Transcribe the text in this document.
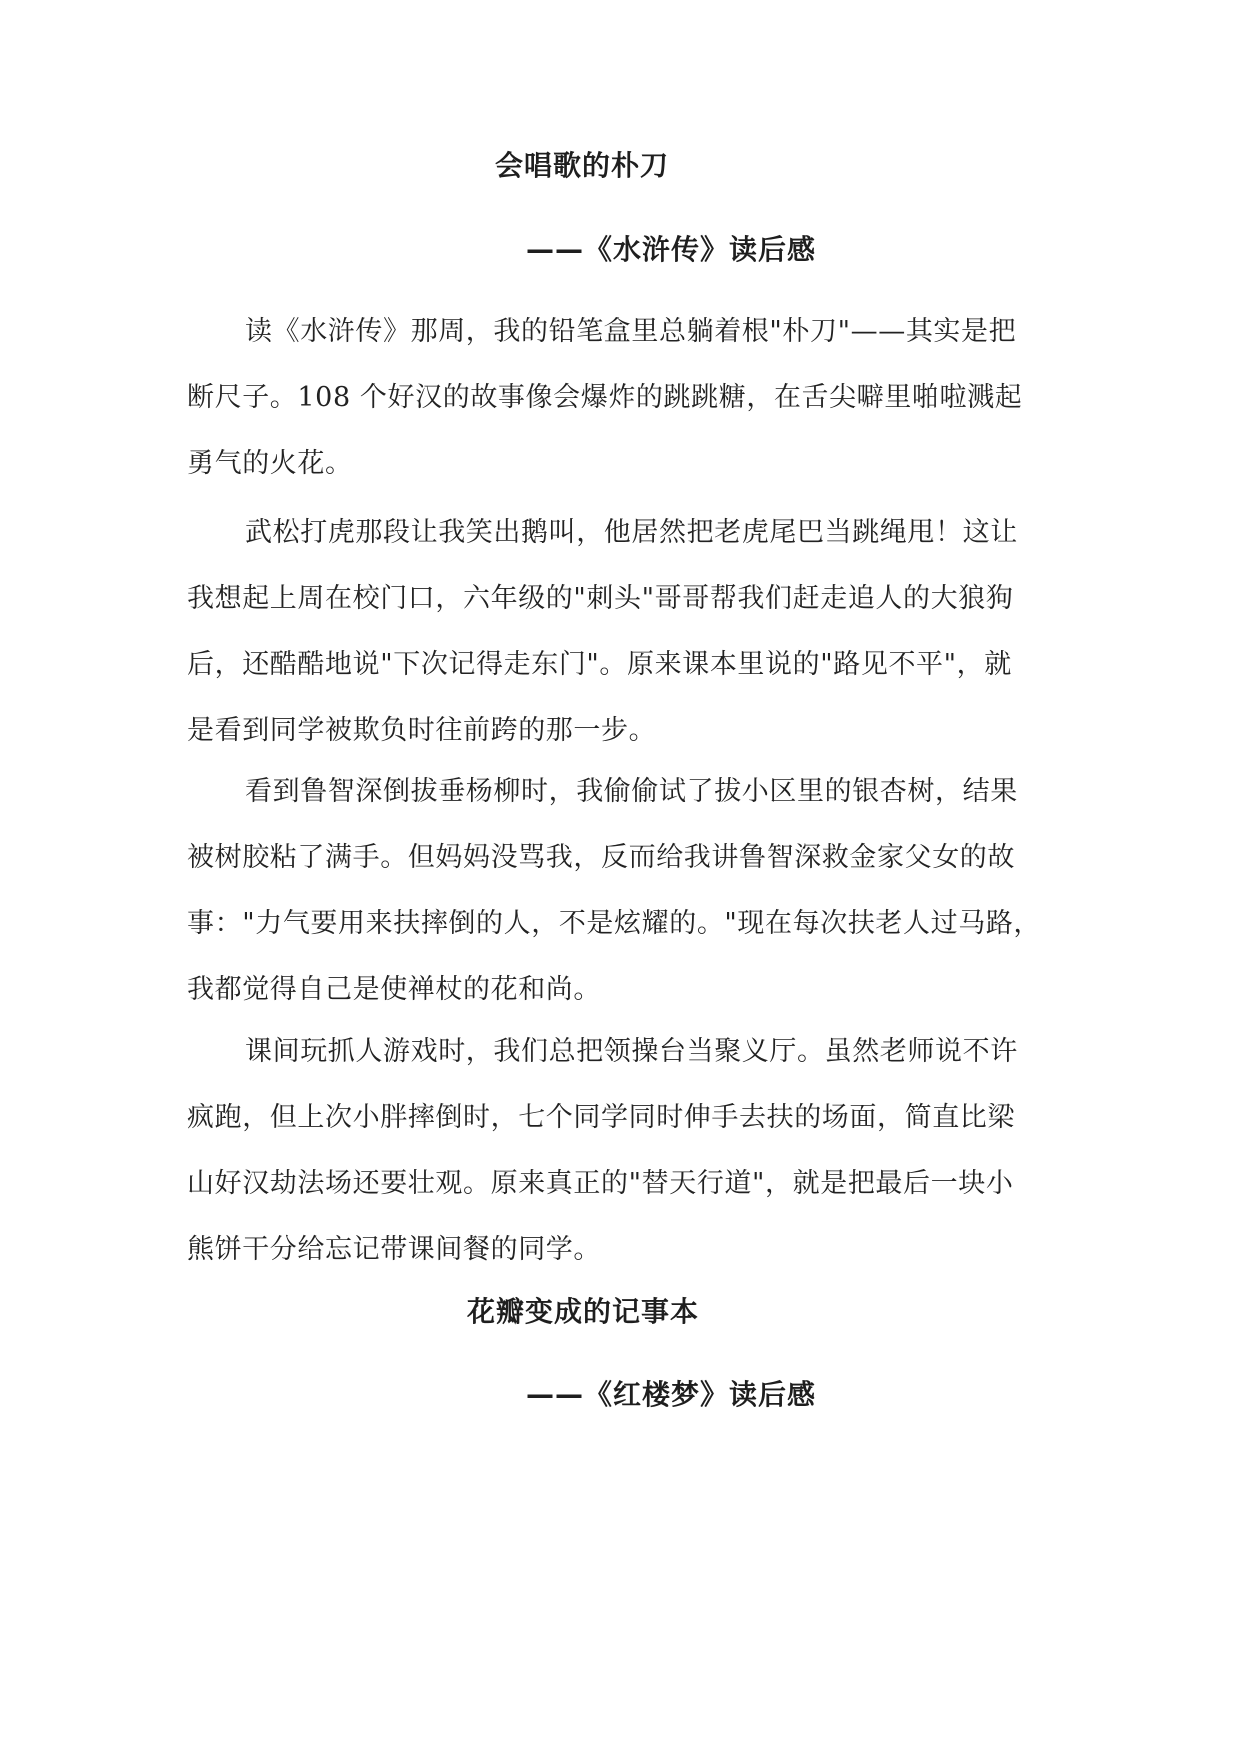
会唱歌的朴刀
——《水浒传》读后感
读《水浒传》那周，我的铅笔盒里总躺着根"朴刀"——其实是把
断尺子。108 个好汉的故事像会爆炸的跳跳糖，在舌尖噼里啪啦溅起
勇气的火花。
武松打虎那段让我笑出鹅叫，他居然把老虎尾巴当跳绳甩！这让
我想起上周在校门口，六年级的"刺头"哥哥帮我们赶走追人的大狼狗
后，还酷酷地说"下次记得走东门"。原来课本里说的"路见不平"，就
是看到同学被欺负时往前跨的那一步。
看到鲁智深倒拔垂杨柳时，我偷偷试了拔小区里的银杏树，结果
被树胶粘了满手。但妈妈没骂我，反而给我讲鲁智深救金家父女的故
事："力气要用来扶摔倒的人，不是炫耀的。"现在每次扶老人过马路，
我都觉得自己是使禅杖的花和尚。
课间玩抓人游戏时，我们总把领操台当聚义厅。虽然老师说不许
疯跑，但上次小胖摔倒时，七个同学同时伸手去扶的场面，简直比梁
山好汉劫法场还要壮观。原来真正的"替天行道"，就是把最后一块小
熊饼干分给忘记带课间餐的同学。
花瓣变成的记事本
——《红楼梦》读后感
